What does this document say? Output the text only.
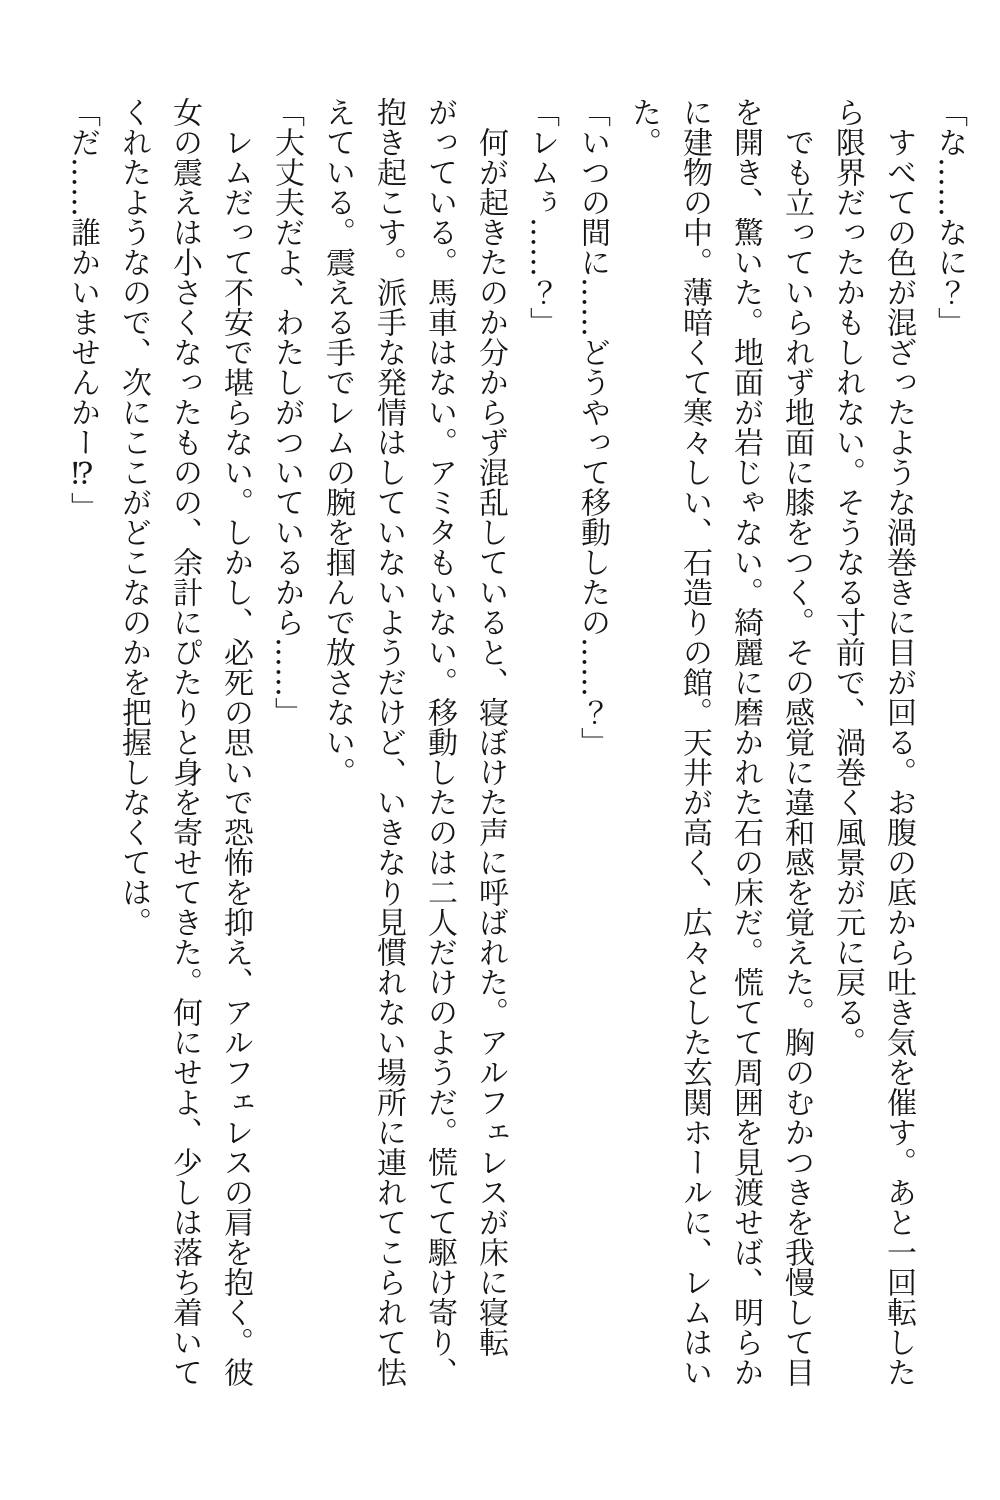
「な……なに？」

すべての色が混ざったような渦巻きに目が回る。お腹の底から吐き気を催す。あと一回転したら限界だったかもしれない。そうなる寸前で、渦巻く風景が元に戻る。

でも立っていられず地面に膝をつく。その感覚に違和感を覚えた。胸のむかつきを我慢して目を開き、驚いた。地面が岩じゃない。綺麗に磨かれた石の床だ。慌てて周囲を見渡せば、明らかに建物の中。薄暗くて寒々しい、石造りの館。天井が高く、広々とした玄関ホールに、レムはいた。

「いつの間に……どうやって移動したの……？」

「レムぅ……？」

何が起きたのか分からず混乱していると、寝ぼけた声に呼ばれた。アルフェレスが床に寝転がっている。馬車はない。アミタもいない。移動したのは二人だけのようだ。慌てて駆け寄り、抱き起こす。派手な発情はしていないようだけど、いきなり見慣れない場所に連れてこられて怯えている。震える手でレムの腕を掴んで放さない。

「大丈夫だよ、わたしがついているから……」

レムだって不安で堪らない。しかし、必死の思いで恐怖を抑え、アルフェレスの肩を抱く。彼女の震えは小さくなったものの、余計にぴたりと身を寄せてきた。何にせよ、少しは落ち着いてくれたようなので、次にここがどこなのかを把握しなくては。

「だ……誰かいませんかー⁉」
